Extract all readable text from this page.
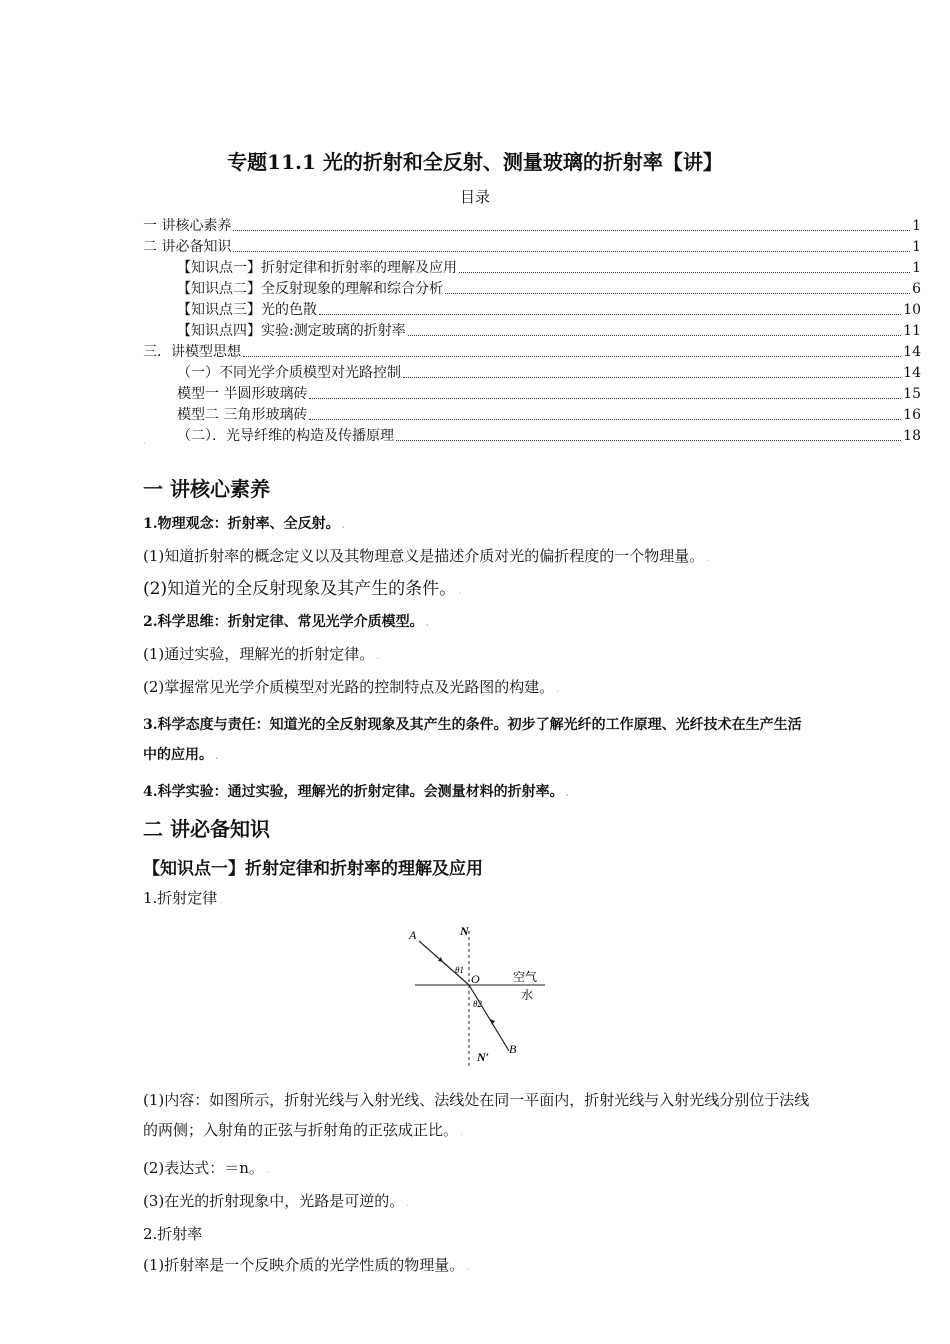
专题11.1 光的折射和全反射、测量玻璃的折射率【讲】
目录
一 讲核心素养	1
二 讲必备知识	1
【知识点一】折射定律和折射率的理解及应用	1
【知识点二】全反射现象的理解和综合分析	6
【知识点三】光的色散	10
【知识点四】实验:测定玻璃的折射率	11
三．讲模型思想	14
（一）不同光学介质模型对光路控制	14
模型一 半圆形玻璃砖	15
模型二 三角形玻璃砖	16
（二）．光导纤维的构造及传播原理	18
.
一 讲核心素养
1.物理观念：折射率、全反射。 .
(1)知道折射率的概念定义以及其物理意义是描述介质对光的偏折程度的一个物理量。 .
(2)知道光的全反射现象及其产生的条件。 .
2.科学思维：折射定律、常见光学介质模型。 .
(1)通过实验，理解光的折射定律。 .
(2)掌握常见光学介质模型对光路的控制特点及光路图的构建。 .
3.科学态度与责任：知道光的全反射现象及其产生的条件。初步了解光纤的工作原理、光纤技术在生产生活中的应用。 .
4.科学实验：通过实验，理解光的折射定律。会测量材料的折射率。 .
二 讲必备知识
【知识点一】折射定律和折射率的理解及应用
1.折射定律 .
A	N
θ1
O	空气
水
θ2
B
N′
(1)内容：如图所示，折射光线与入射光线、法线处在同一平面内，折射光线与入射光线分别位于法线的两侧；入射角的正弦与折射角的正弦成正比。 .
(2)表达式：＝n。 .
(3)在光的折射现象中，光路是可逆的。 .
2.折射率
(1)折射率是一个反映介质的光学性质的物理量。 .
